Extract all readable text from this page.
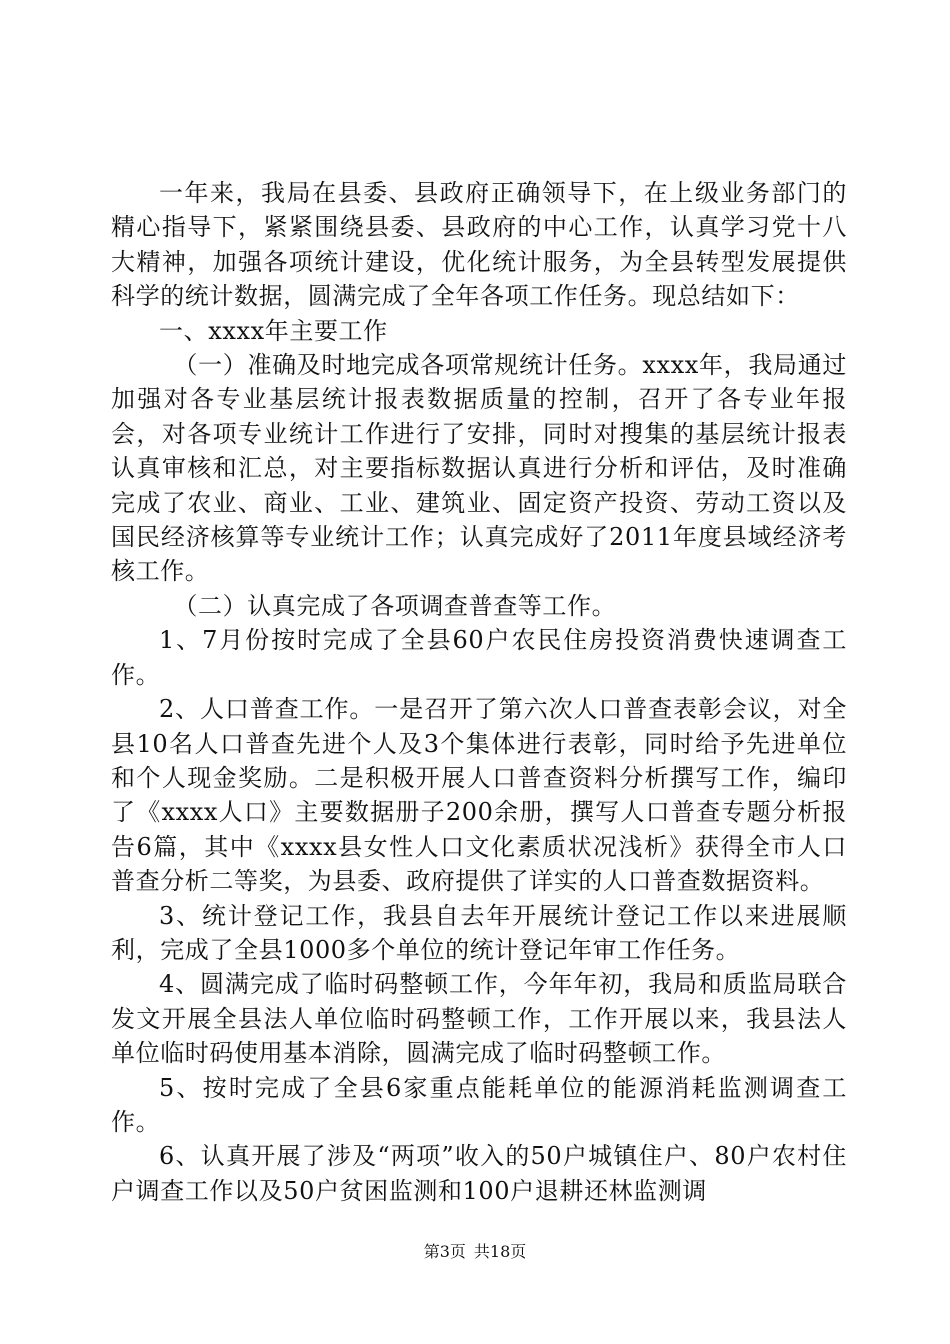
一年来，我局在县委、县政府正确领导下，在上级业务部门的精心指导下，紧紧围绕县委、县政府的中心工作，认真学习党十八大精神，加强各项统计建设，优化统计服务，为全县转型发展提供科学的统计数据，圆满完成了全年各项工作任务。现总结如下：

一、xxxx年主要工作

（一）准确及时地完成各项常规统计任务。xxxx年，我局通过加强对各专业基层统计报表数据质量的控制，召开了各专业年报会，对各项专业统计工作进行了安排，同时对搜集的基层统计报表认真审核和汇总，对主要指标数据认真进行分析和评估，及时准确完成了农业、商业、工业、建筑业、固定资产投资、劳动工资以及国民经济核算等专业统计工作；认真完成好了2011年度县域经济考核工作。

（二）认真完成了各项调查普查等工作。

1、7月份按时完成了全县60户农民住房投资消费快速调查工作。

2、人口普查工作。一是召开了第六次人口普查表彰会议，对全县10名人口普查先进个人及3个集体进行表彰，同时给予先进单位和个人现金奖励。二是积极开展人口普查资料分析撰写工作，编印了《xxxx人口》主要数据册子200余册，撰写人口普查专题分析报告6篇，其中《xxxx县女性人口文化素质状况浅析》获得全市人口普查分析二等奖，为县委、政府提供了详实的人口普查数据资料。

3、统计登记工作，我县自去年开展统计登记工作以来进展顺利，完成了全县1000多个单位的统计登记年审工作任务。

4、圆满完成了临时码整顿工作，今年年初，我局和质监局联合发文开展全县法人单位临时码整顿工作，工作开展以来，我县法人单位临时码使用基本消除，圆满完成了临时码整顿工作。

5、按时完成了全县6家重点能耗单位的能源消耗监测调查工作。

6、认真开展了涉及“两项”收入的50户城镇住户、80户农村住户调查工作以及50户贫困监测和100户退耕还林监测调

第3页 共18页
